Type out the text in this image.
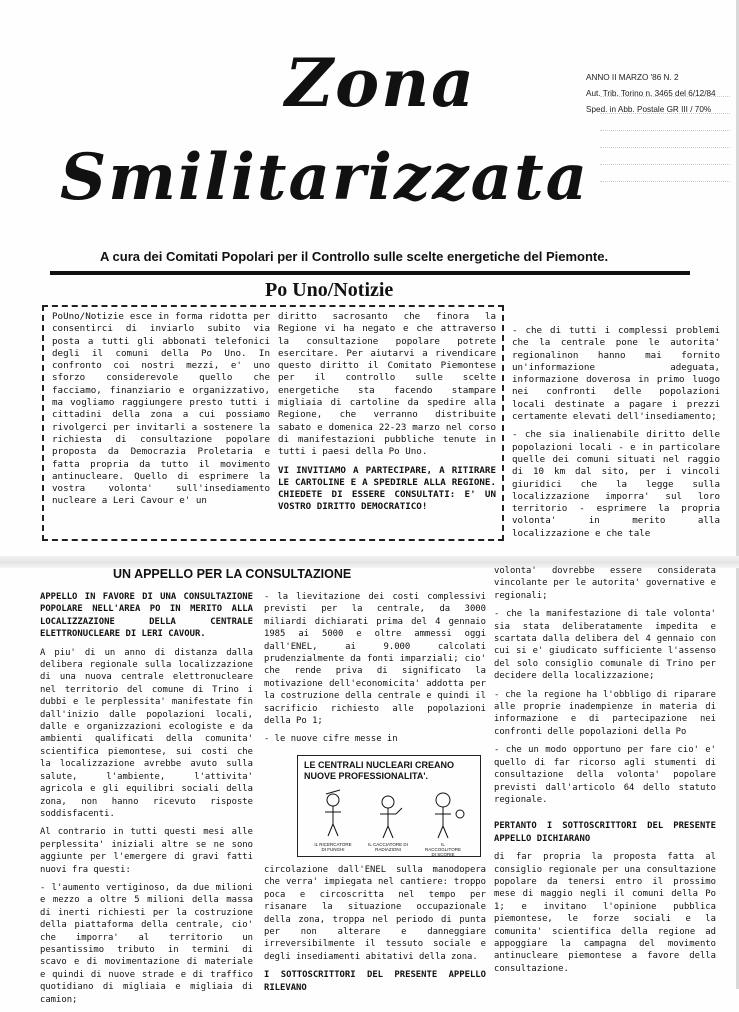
Zona
Smilitarizzata
ANNO II MARZO '86 N. 2
Aut. Trib. Torino n. 3465 del 6/12/84
Sped. in Abb. Postale GR III / 70%
A cura dei Comitati Popolari per il Controllo sulle scelte energetiche del Piemonte.
Po Uno/Notizie

PoUno/Notizie esce in forma ridotta per consentirci di inviarlo subito via posta a tutti gli abbonati telefonici degli il comuni della Po Uno. In confronto coi nostri mezzi, e' uno sforzo considerevole quello che facciamo, finanziario e organizzativo, ma vogliamo raggiungere presto tutti i cittadini della zona a cui possiamo rivolgerci per invitarli a sostenere la richiesta di consultazione popolare proposta da Democrazia Proletaria e fatta propria da tutto il movimento antinucleare. Quello di esprimere la vostra volonta' sull'insediamento nucleare a Leri Cavour e' un

diritto sacrosanto che finora la Regione vi ha negato e che attraverso la consultazione popolare potrete esercitare. Per aiutarvi a rivendicare questo diritto il Comitato Piemontese per il controllo sulle scelte energetiche sta facendo stampare migliaia di cartoline da spedire alla Regione, che verranno distribuite sabato e domenica 22-23 marzo nel corso di manifestazioni pubbliche tenute in tutti i paesi della Po Uno.

VI INVITIAMO A PARTECIPARE, A RITIRARE LE CARTOLINE E A SPEDIRLE ALLA REGIONE. CHIEDETE DI ESSERE CONSULTATI: E' UN VOSTRO DIRITTO DEMOCRATICO!

- che di tutti i complessi problemi che la centrale pone le autorita' regionalinon hanno mai fornito un'informazione adeguata, informazione doverosa in primo luogo nei confronti delle popolazioni locali destinate a pagare i prezzi certamente elevati dell'insediamento;

- che sia inalienabile diritto delle popolazioni locali - e in particolare quelle dei comuni situati nel raggio di 10 km dal sito, per i vincoli giuridici che la legge sulla localizzazione imporra' sul loro territorio - esprimere la propria volonta' in merito alla localizzazione e che tale

UN APPELLO PER LA CONSULTAZIONE

APPELLO IN FAVORE DI UNA CONSULTAZIONE POPOLARE NELL'AREA PO IN MERITO ALLA LOCALIZZAZIONE DELLA CENTRALE ELETTRONUCLEARE DI LERI CAVOUR.

A piu' di un anno di distanza dalla delibera regionale sulla localizzazione di una nuova centrale elettronucleare nel territorio del comune di Trino i dubbi e le perplessita' manifestate fin dall'inizio dalle popolazioni locali, dalle e organizzazioni ecologiste e da ambienti qualificati della comunita' scientifica piemontese, sui costi che la localizzazione avrebbe avuto sulla salute, l'ambiente, l'attivita' agricola e gli equilibri sociali della zona, non hanno ricevuto risposte soddisfacenti.

Al contrario in tutti questi mesi alle perplessita' iniziali altre se ne sono aggiunte per l'emergere di gravi fatti nuovi fra questi:

- l'aumento vertiginoso, da due milioni e mezzo a oltre 5 milioni della massa di inerti richiesti per la costruzione della piattaforma della centrale, cio' che imporra' al territorio un pesantissimo tributo in termini di scavo e di movimentazione di materiale e quindi di nuove strade e di traffico quotidiano di migliaia e migliaia di camion;

- la lievitazione dei costi complessivi previsti per la centrale, da 3000 miliardi dichiarati prima del 4 gennaio 1985 ai 5000 e oltre ammessi oggi dall'ENEL, ai 9.000 calcolati prudenzialmente da fonti imparziali; cio' che rende priva di significato la motivazione dell'economicita' addotta per la costruzione della centrale e quindi il sacrificio richiesto alle popolazioni della Po 1;

- le nuove cifre messe in

LE CENTRALI NUCLEARI CREANO NUOVE PROFESSIONALITA'.
IL RICERCATORE DI FUNGHI
IL CACCIATORE DI RADIAZIONI
IL RACCOGLITORE DI SCORIE

circolazione dall'ENEL sulla manodopera che verra' impiegata nel cantiere: troppo poca e circoscritta nel tempo per risanare la situazione occupazionale della zona, troppa nel periodo di punta per non alterare e danneggiare irreversibilmente il tessuto sociale e degli insediamenti abitativi della zona.

I SOTTOSCRITTORI DEL PRESENTE APPELLO RILEVANO

volonta' dovrebbe essere considerata vincolante per le autorita' governative e regionali;

- che la manifestazione di tale volonta' sia stata deliberatamente impedita e scartata dalla delibera del 4 gennaio con cui si e' giudicato sufficiente l'assenso del solo consiglio comunale di Trino per decidere della localizzazione;

- che la regione ha l'obbligo di riparare alle proprie inadempienze in materia di informazione e di partecipazione nei confronti delle popolazioni della Po

- che un modo opportuno per fare cio' e' quello di far ricorso agli stumenti di consultazione della volonta' popolare previsti dall'articolo 64 dello statuto regionale.

PERTANTO I SOTTOSCRITTORI DEL PRESENTE APPELLO DICHIARANO

di far propria la proposta fatta al consiglio regionale per una consultazione popolare da tenersi entro il prossimo mese di maggio negli il comuni della Po 1; e invitano l'opinione pubblica piemontese, le forze sociali e la comunita' scientifica della regione ad appoggiare la campagna del movimento antinucleare piemontese a favore della consultazione.
